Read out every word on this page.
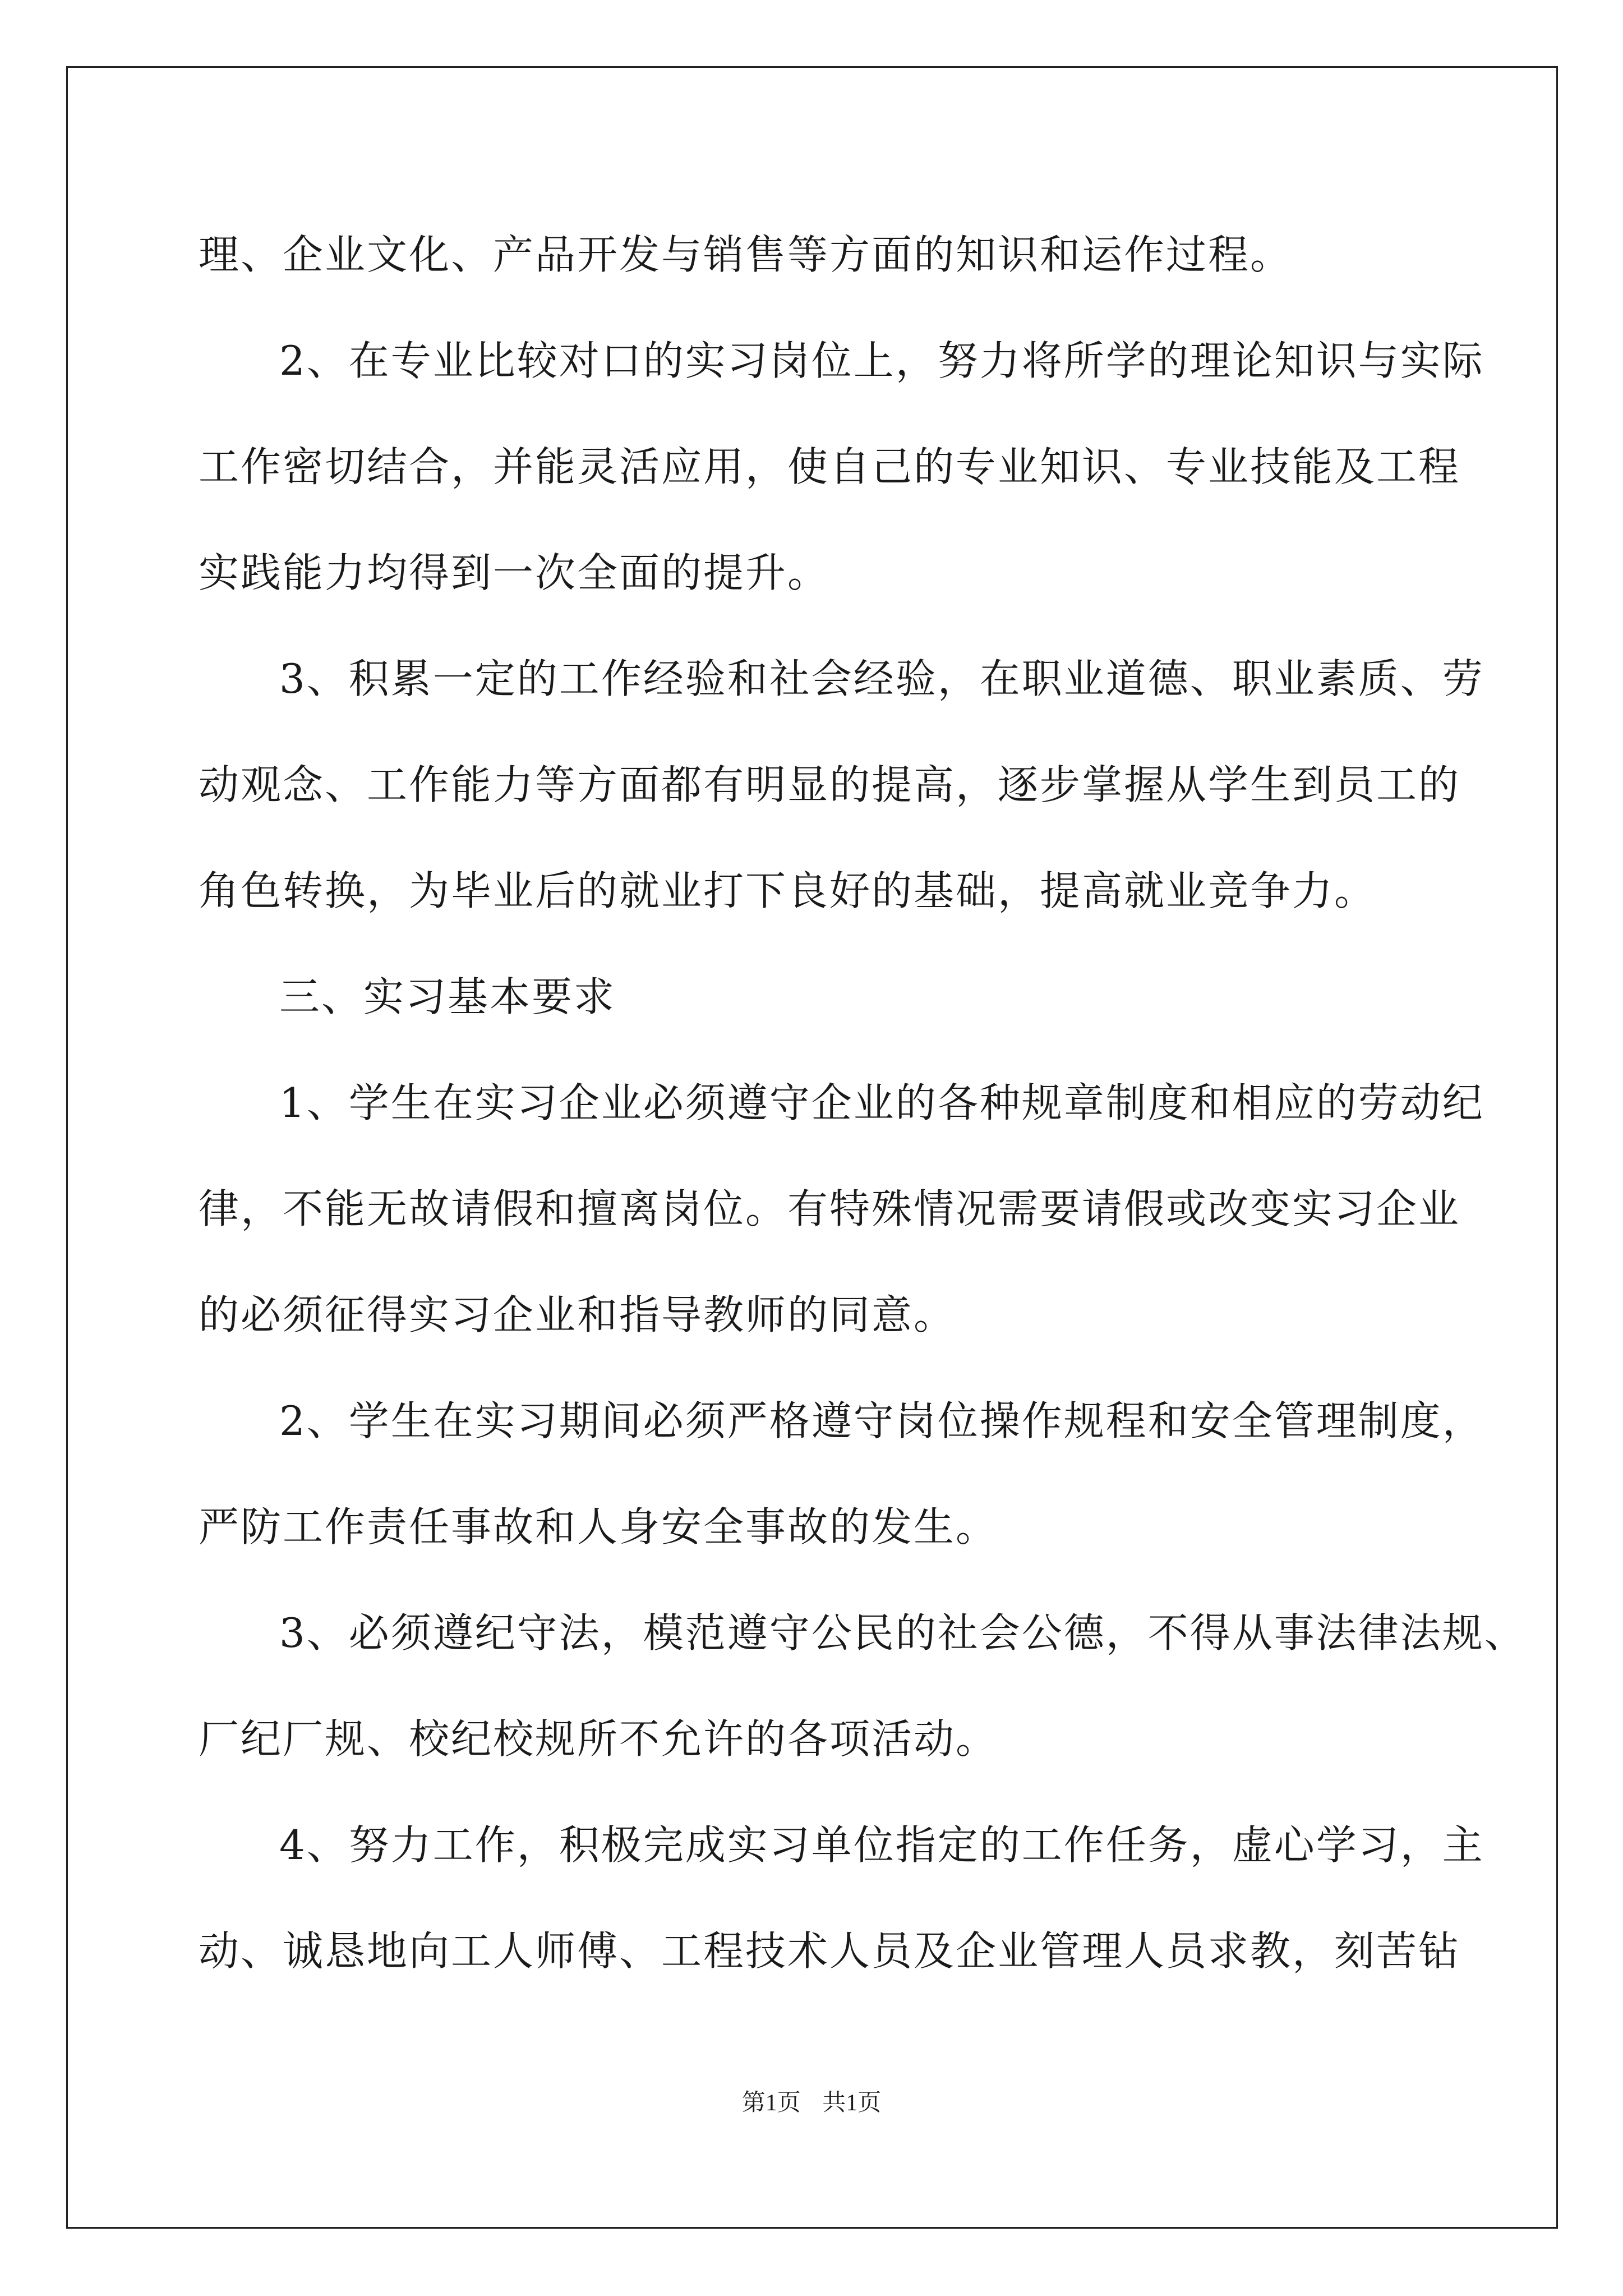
理、企业文化、产品开发与销售等方面的知识和运作过程。
2、在专业比较对口的实习岗位上，努力将所学的理论知识与实际
工作密切结合，并能灵活应用，使自己的专业知识、专业技能及工程
实践能力均得到一次全面的提升。
3、积累一定的工作经验和社会经验，在职业道德、职业素质、劳
动观念、工作能力等方面都有明显的提高，逐步掌握从学生到员工的
角色转换，为毕业后的就业打下良好的基础，提高就业竞争力。
三、实习基本要求
1、学生在实习企业必须遵守企业的各种规章制度和相应的劳动纪
律，不能无故请假和擅离岗位。有特殊情况需要请假或改变实习企业
的必须征得实习企业和指导教师的同意。
2、学生在实习期间必须严格遵守岗位操作规程和安全管理制度，
严防工作责任事故和人身安全事故的发生。
3、必须遵纪守法，模范遵守公民的社会公德，不得从事法律法规、
厂纪厂规、校纪校规所不允许的各项活动。
4、努力工作，积极完成实习单位指定的工作任务，虚心学习，主
动、诚恳地向工人师傅、工程技术人员及企业管理人员求教，刻苦钻
第1页 共1页
